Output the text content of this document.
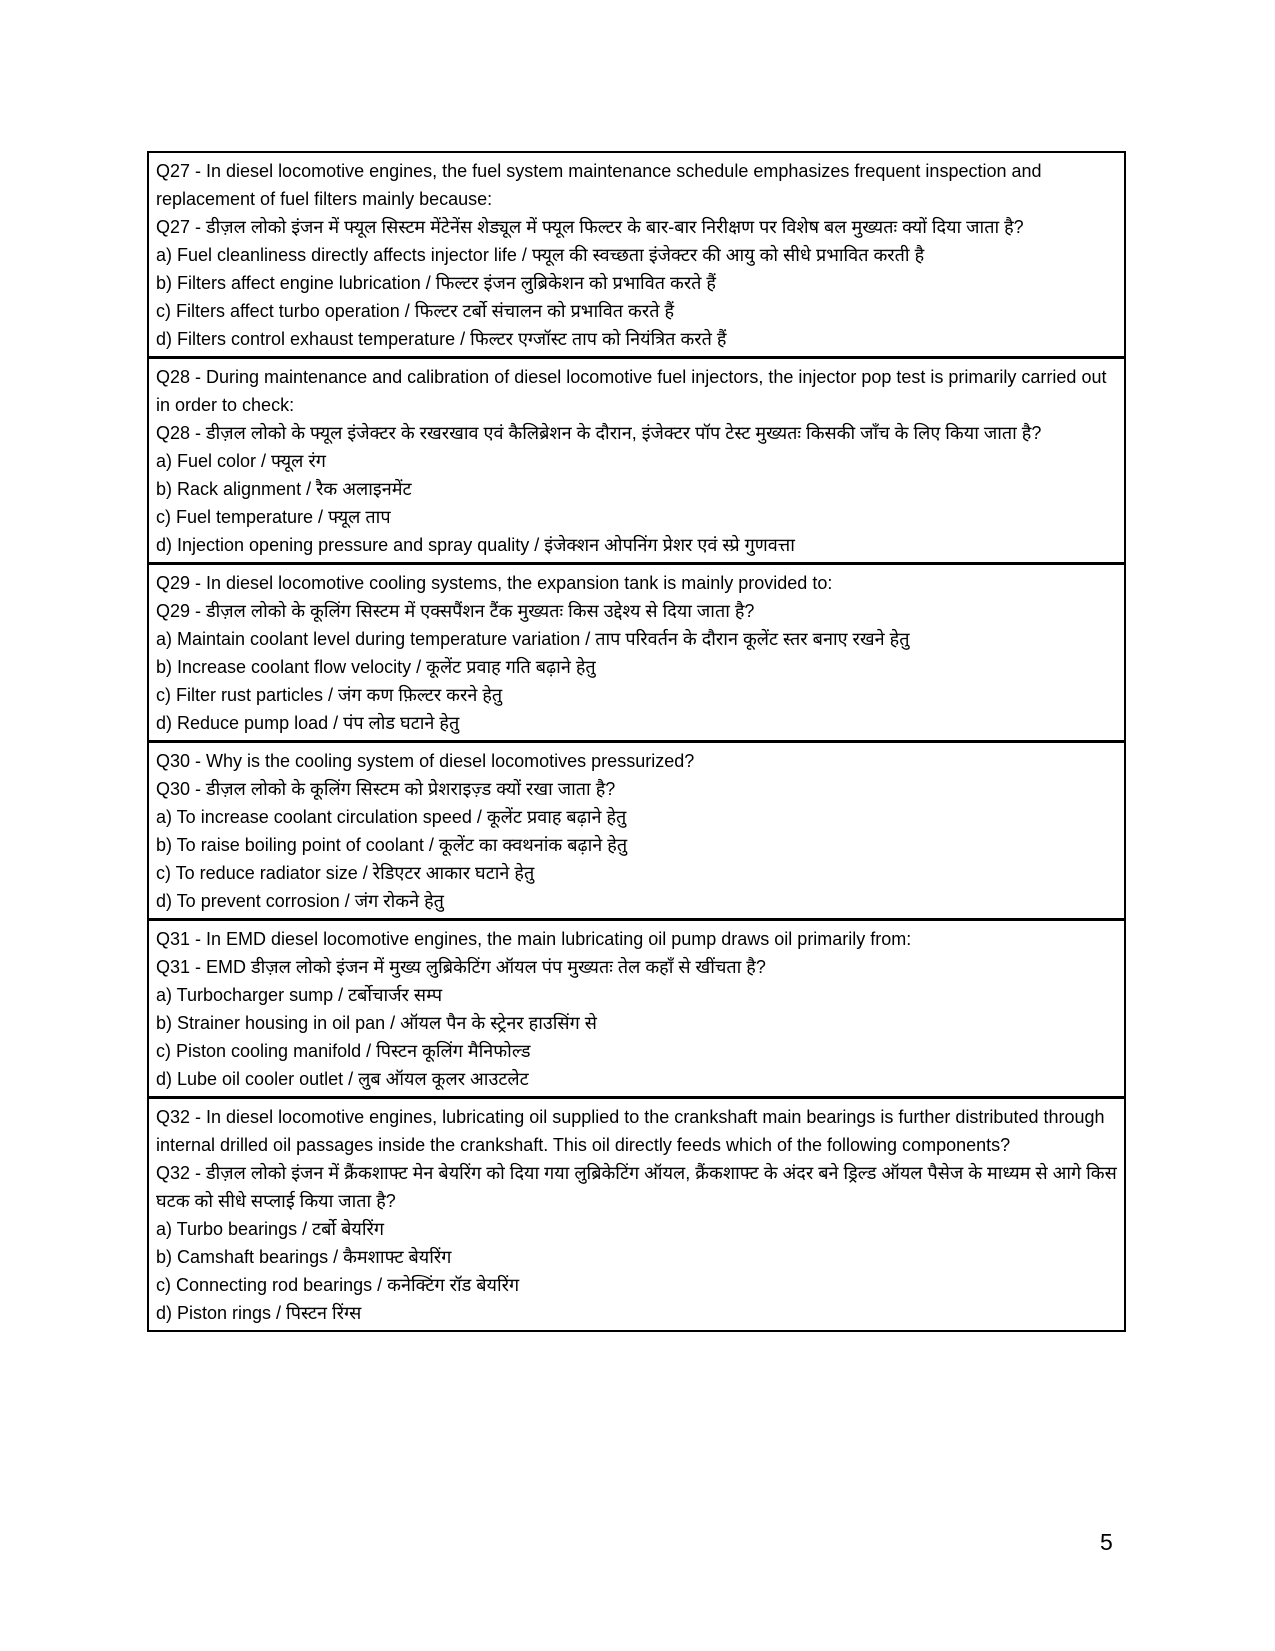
Q27 - In diesel locomotive engines, the fuel system maintenance schedule emphasizes frequent inspection and replacement of fuel filters mainly because:

Q27 - डीज़ल लोको इंजन में फ्यूल सिस्टम मेंटेनेंस शेड्यूल में फ्यूल फिल्टर के बार-बार निरीक्षण पर विशेष बल मुख्यतः क्यों दिया जाता है?

a) Fuel cleanliness directly affects injector life / फ्यूल की स्वच्छता इंजेक्टर की आयु को सीधे प्रभावित करती है

b) Filters affect engine lubrication / फिल्टर इंजन लुब्रिकेशन को प्रभावित करते हैं

c) Filters affect turbo operation / फिल्टर टर्बो संचालन को प्रभावित करते हैं

d) Filters control exhaust temperature / फिल्टर एग्जॉस्ट ताप को नियंत्रित करते हैं

Q28 - During maintenance and calibration of diesel locomotive fuel injectors, the injector pop test is primarily carried out in order to check:

Q28 - डीज़ल लोको के फ्यूल इंजेक्टर के रखरखाव एवं कैलिब्रेशन के दौरान, इंजेक्टर पॉप टेस्ट मुख्यतः किसकी जाँच के लिए किया जाता है?

a) Fuel color / फ्यूल रंग

b) Rack alignment / रैक अलाइनमेंट

c) Fuel temperature / फ्यूल ताप

d) Injection opening pressure and spray quality / इंजेक्शन ओपनिंग प्रेशर एवं स्प्रे गुणवत्ता

Q29 - In diesel locomotive cooling systems, the expansion tank is mainly provided to:

Q29 - डीज़ल लोको के कूलिंग सिस्टम में एक्सपैंशन टैंक मुख्यतः किस उद्देश्य से दिया जाता है?

a) Maintain coolant level during temperature variation / ताप परिवर्तन के दौरान कूलेंट स्तर बनाए रखने हेतु

b) Increase coolant flow velocity / कूलेंट प्रवाह गति बढ़ाने हेतु

c) Filter rust particles / जंग कण फ़िल्टर करने हेतु

d) Reduce pump load / पंप लोड घटाने हेतु

Q30 - Why is the cooling system of diesel locomotives pressurized?

Q30 - डीज़ल लोको के कूलिंग सिस्टम को प्रेशराइज़्ड क्यों रखा जाता है?

a) To increase coolant circulation speed / कूलेंट प्रवाह बढ़ाने हेतु

b) To raise boiling point of coolant / कूलेंट का क्वथनांक बढ़ाने हेतु

c) To reduce radiator size / रेडिएटर आकार घटाने हेतु

d) To prevent corrosion / जंग रोकने हेतु

Q31 - In EMD diesel locomotive engines, the main lubricating oil pump draws oil primarily from:

Q31 - EMD डीज़ल लोको इंजन में मुख्य लुब्रिकेटिंग ऑयल पंप मुख्यतः तेल कहाँ से खींचता है?

a) Turbocharger sump / टर्बोचार्जर सम्प

b) Strainer housing in oil pan / ऑयल पैन के स्ट्रेनर हाउसिंग से

c) Piston cooling manifold / पिस्टन कूलिंग मैनिफोल्ड

d) Lube oil cooler outlet / लुब ऑयल कूलर आउटलेट

Q32 - In diesel locomotive engines, lubricating oil supplied to the crankshaft main bearings is further distributed through internal drilled oil passages inside the crankshaft. This oil directly feeds which of the following components?

Q32 - डीज़ल लोको इंजन में क्रैंकशाफ्ट मेन बेयरिंग को दिया गया लुब्रिकेटिंग ऑयल, क्रैंकशाफ्ट के अंदर बने ड्रिल्ड ऑयल पैसेज के माध्यम से आगे किस घटक को सीधे सप्लाई किया जाता है?

a) Turbo bearings / टर्बो बेयरिंग

b) Camshaft bearings / कैमशाफ्ट बेयरिंग

c) Connecting rod bearings / कनेक्टिंग रॉड बेयरिंग

d) Piston rings / पिस्टन रिंग्स

5
